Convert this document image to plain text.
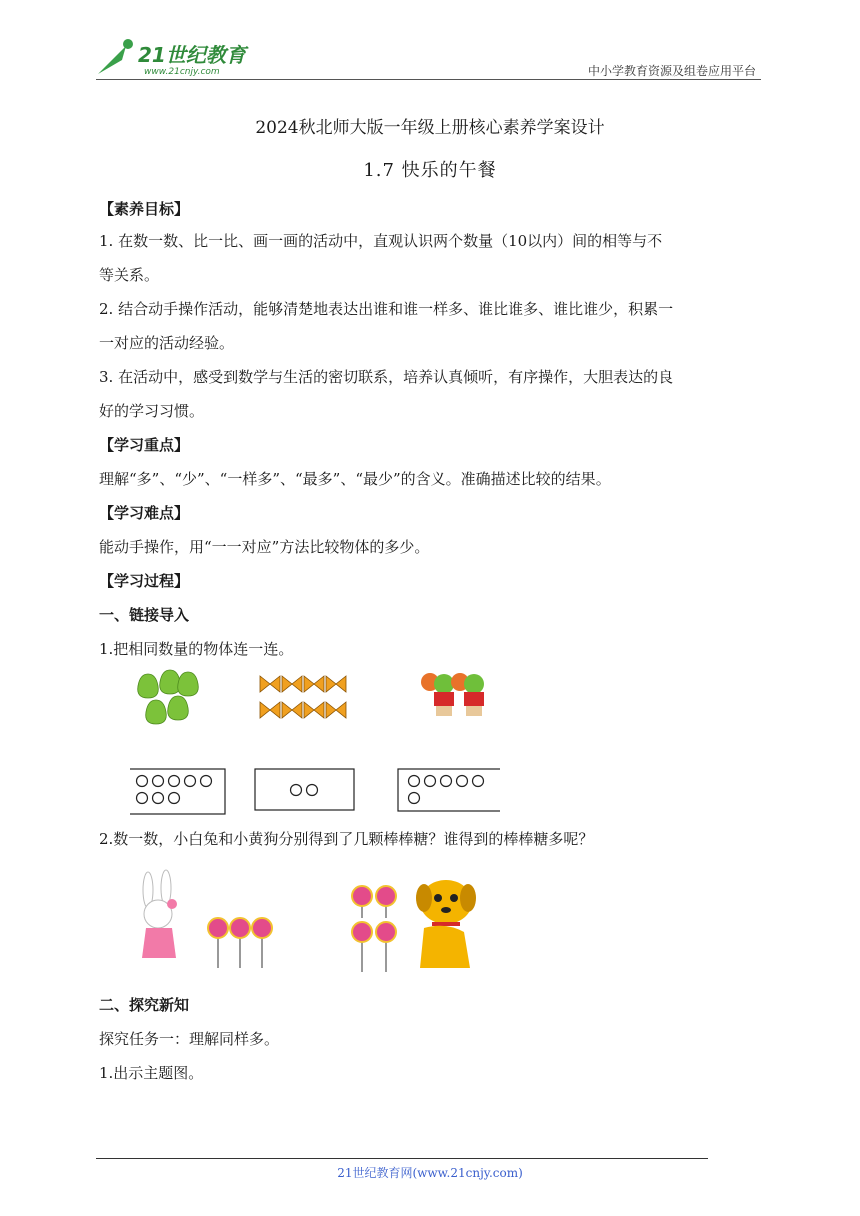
21世纪教育
www.21cnjy.com	中小学教育资源及组卷应用平台
2024秋北师大版一年级上册核心素养学案设计
1.7 快乐的午餐
【素养目标】
1. 在数一数、比一比、画一画的活动中，直观认识两个数量（10以内）间的相等与不
等关系。
2. 结合动手操作活动，能够清楚地表达出谁和谁一样多、谁比谁多、谁比谁少，积累一
一对应的活动经验。
3. 在活动中，感受到数学与生活的密切联系，培养认真倾听，有序操作，大胆表达的良
好的学习习惯。
【学习重点】
理解“多”、“少”、“一样多”、“最多”、“最少”的含义。准确描述比较的结果。
【学习难点】
能动手操作，用“一一对应”方法比较物体的多少。
【学习过程】
一、链接导入
1.把相同数量的物体连一连。
2.数一数，小白兔和小黄狗分别得到了几颗棒棒糖？谁得到的棒棒糖多呢？
二、探究新知
探究任务一：理解同样多。
1.出示主题图。
21世纪教育网(www.21cnjy.com)
